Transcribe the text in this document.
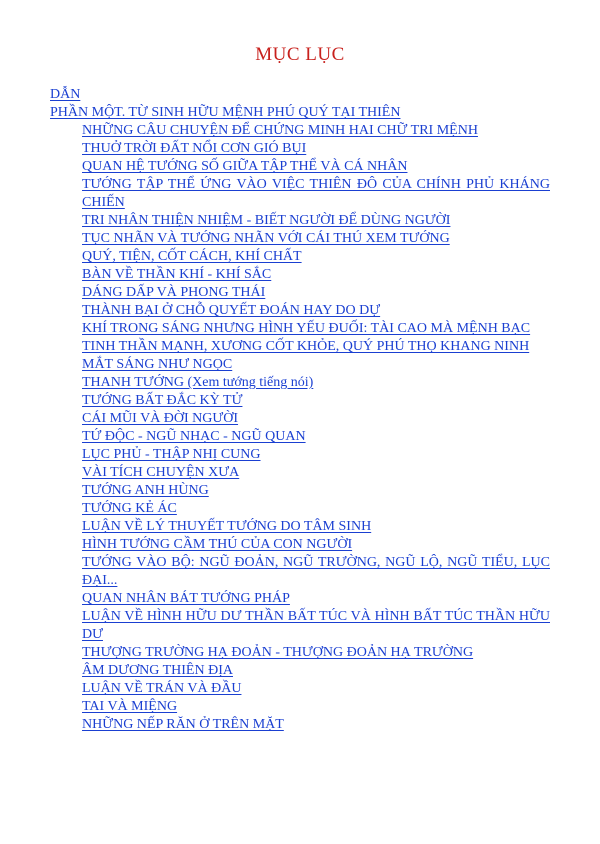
MỤC LỤC
DẪN
PHẦN MỘT. TỪ SINH HỮU MỆNH PHÚ QUÝ TẠI THIÊN
NHỮNG CÂU CHUYỆN ĐỂ CHỨNG MINH HAI CHỮ TRI MỆNH
THUỞ TRỜI ĐẤT NỔI CƠN GIÓ BỤI
QUAN HỆ TƯỚNG SỐ GIỮA TẬP THỂ VÀ CÁ NHÂN
TƯỚNG TẬP THỂ ỨNG VÀO VIỆC THIÊN ĐÔ CỦA CHÍNH PHỦ KHÁNG CHIẾN
TRI NHÂN THIỆN NHIỆM - BIẾT NGƯỜI ĐỂ DÙNG NGƯỜI
TỤC NHÃN VÀ TƯỚNG NHÃN VỚI CÁI THÚ XEM TƯỚNG
QUÝ, TIỆN, CỐT CÁCH, KHÍ CHẤT
BÀN VỀ THẦN KHÍ - KHÍ SẮC
DÁNG DẤP VÀ PHONG THÁI
THÀNH BẠI Ở CHỖ QUYẾT ĐOÁN HAY DO DỰ
KHÍ TRONG SÁNG NHƯNG HÌNH YẾU ĐUỐI: TÀI CAO MÀ MỆNH BẠC
TINH THẦN MẠNH, XƯƠNG CỐT KHỎE, QUÝ PHÚ THỌ KHANG NINH
MẮT SÁNG NHƯ NGỌC
THANH TƯỚNG (Xem tướng tiếng nói)
TƯỚNG BẤT ĐẮC KỲ TỬ
CÁI MŨI VÀ ĐỜI NGƯỜI
TỨ ĐỘC - NGŨ NHẠC - NGŨ QUAN
LỤC PHỦ - THẬP NHỊ CUNG
VÀI TÍCH CHUYỆN XƯA
TƯỚNG ANH HÙNG
TƯỚNG KẺ ÁC
LUẬN VỀ LÝ THUYẾT TƯỚNG DO TÂM SINH
HÌNH TƯỚNG CẦM THÚ CỦA CON NGƯỜI
TƯỚNG VÀO BỘ: NGŨ ĐOẢN, NGŨ TRƯỜNG, NGŨ LỘ, NGŨ TIỂU, LỤC ĐẠI...
QUAN NHÂN BÁT TƯỚNG PHÁP
LUẬN VỀ HÌNH HỮU DƯ THẦN BẤT TÚC VÀ HÌNH BẤT TÚC THẦN HỮU DƯ
THƯỢNG TRƯỜNG HẠ ĐOẢN - THƯỢNG ĐOẢN HẠ TRƯỜNG
ÂM DƯƠNG THIÊN ĐỊA
LUẬN VỀ TRÁN VÀ ĐẦU
TAI VÀ MIỆNG
NHỮNG NẾP RĂN Ở TRÊN MẶT
